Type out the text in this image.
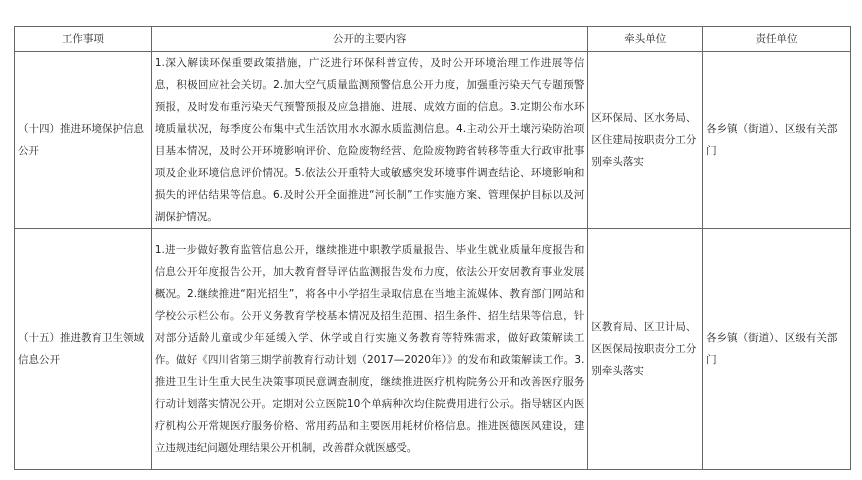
工作事项	公开的主要内容	牵头单位	责任单位
（十四）推进环境保护信息公开	1.深入解读环保重要政策措施，广泛进行环保科普宣传，及时公开环境治理工作进展等信息，积极回应社会关切。2.加大空气质量监测预警信息公开力度，加强重污染天气专题预警预报，及时发布重污染天气预警预报及应急措施、进展、成效方面的信息。3.定期公布水环境质量状况，每季度公布集中式生活饮用水水源水质监测信息。4.主动公开土壤污染防治项目基本情况，及时公开环境影响评价、危险废物经营、危险废物跨省转移等重大行政审批事项及企业环境信息评价情况。5.依法公开重特大或敏感突发环境事件调查结论、环境影响和损失的评估结果等信息。6.及时公开全面推进“河长制”工作实施方案、管理保护目标以及河湖保护情况。	区环保局、区水务局、区住建局按职责分工分别牵头落实	各乡镇（街道）、区级有关部门
（十五）推进教育卫生领域信息公开	1.进一步做好教育监管信息公开，继续推进中职教学质量报告、毕业生就业质量年度报告和信息公开年度报告公开，加大教育督导评估监测报告发布力度，依法公开安居教育事业发展概况。2.继续推进“阳光招生”，将各中小学招生录取信息在当地主流媒体、教育部门网站和学校公示栏公布。公开义务教育学校基本情况及招生范围、招生条件、招生结果等信息，针对部分适龄儿童或少年延缓入学、休学或自行实施义务教育等特殊需求，做好政策解读工作。做好《四川省第三期学前教育行动计划（2017—2020年）》的发布和政策解读工作。3.推进卫生计生重大民生决策事项民意调查制度，继续推进医疗机构院务公开和改善医疗服务行动计划落实情况公开。定期对公立医院10个单病种次均住院费用进行公示。指导辖区内医疗机构公开常规医疗服务价格、常用药品和主要医用耗材价格信息。推进医德医风建设，建立违规违纪问题处理结果公开机制，改善群众就医感受。	区教育局、区卫计局、区医保局按职责分工分别牵头落实	各乡镇（街道）、区级有关部门
